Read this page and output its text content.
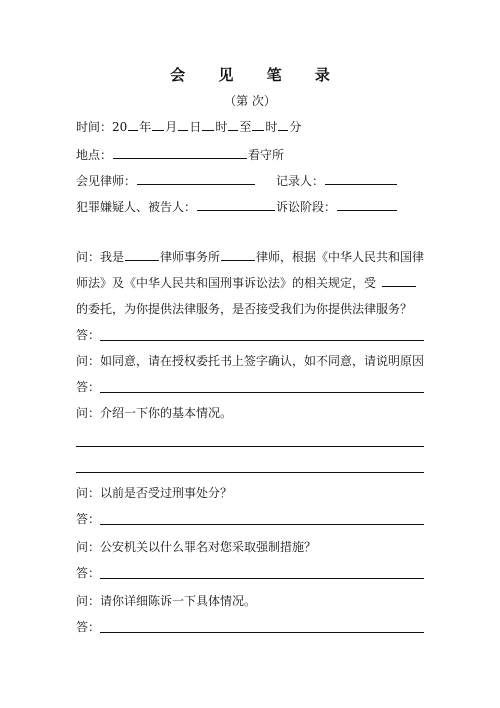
会 见 笔 录
（第 次）
时间：20 年 月 日 时 至 时 分
地点：	看守所
会见律师：	记录人：
犯罪嫌疑人、被告人：	诉讼阶段：
问：我是	律师事务所	律师，根据《中华人民共和国律
师法》及《中华人民共和国刑事诉讼法》的相关规定，受
的委托，为你提供法律服务，是否接受我们为你提供法律服务？
答：
问：如同意，请在授权委托书上签字确认，如不同意，请说明原因
答：
问：介绍一下你的基本情况。
问：以前是否受过刑事处分？
答：
问：公安机关以什么罪名对您采取强制措施？
答：
问：请你详细陈诉一下具体情况。
答：
